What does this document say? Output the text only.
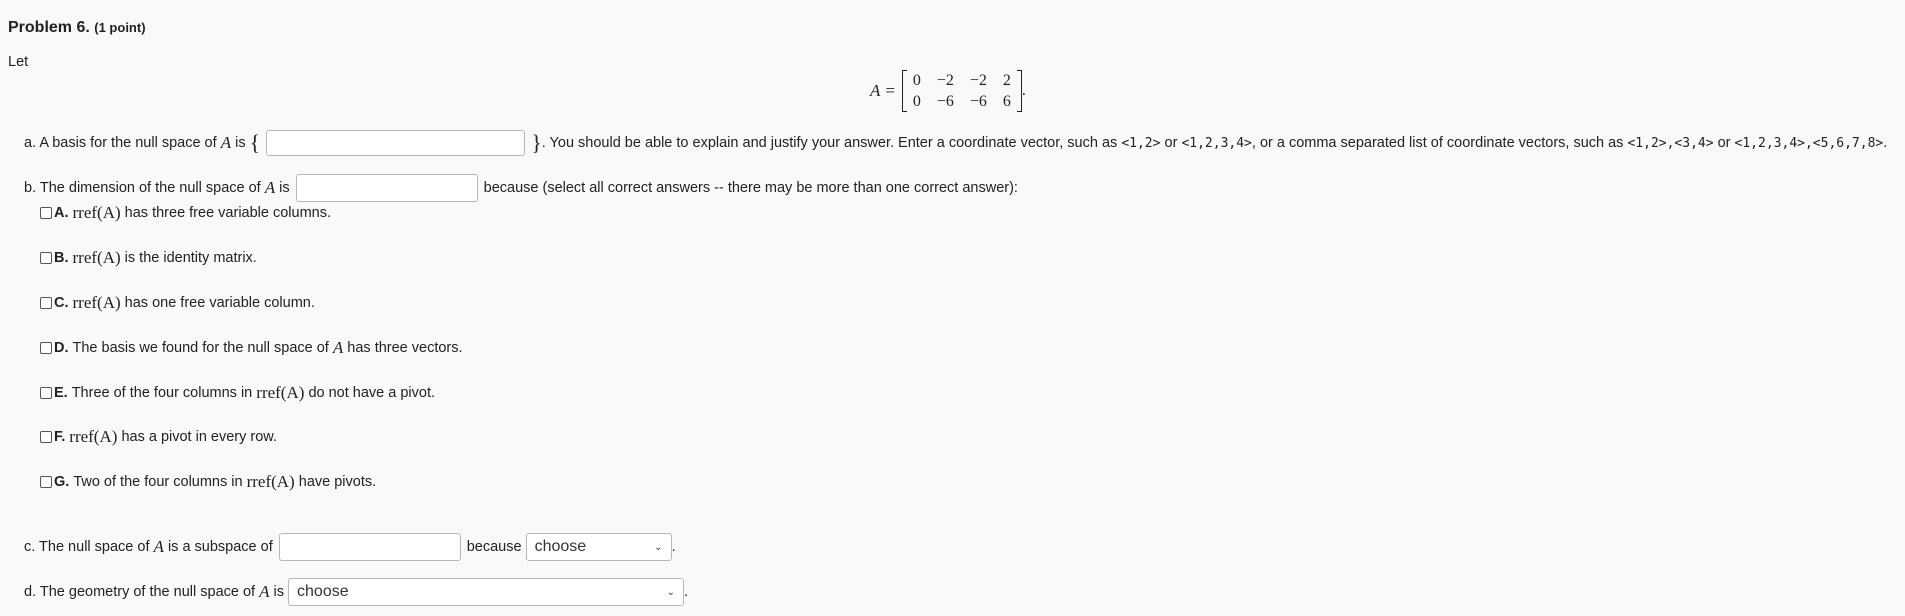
Problem 6. (1 point)
Let
A =
0	−2	−2	2
0	−6	−6	6
.
a. A basis for the null space of
A
is
{	} . You should be able to explain and justify your answer. Enter a coordinate vector, such as
<1,2>
or
<1,2,3,4> , or a comma separated list of coordinate vectors, such as
<1,2>,<3,4>
or
<1,2,3,4>,<5,6,7,8> .
b. The dimension of the null space of
A
is	because (select all correct answers -- there may be more than one correct answer):
A. rref(A)
has three free variable columns.
B. rref(A)
is the identity matrix.
C. rref(A)
has one free variable column.
D. The basis we found for the null space of
A
has three vectors.
E. Three of the four columns in
rref(A)
do not have a pivot.
F. rref(A)
has a pivot in every row.
G. Two of the four columns in
rref(A)
have pivots.
c. The null space of
A
is a subspace of	because choose	⌄ .
d. The geometry of the null space of
A
is choose	⌄ .
